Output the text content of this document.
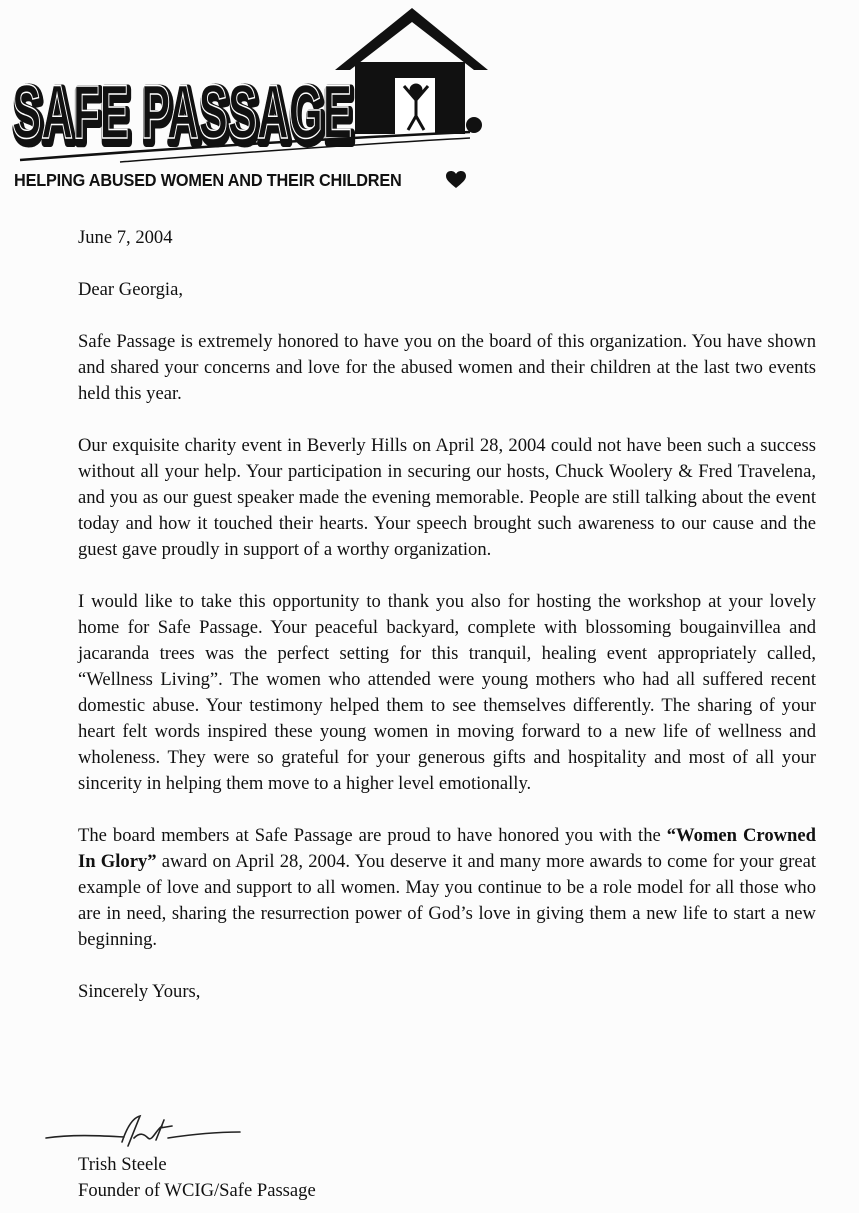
SAFE PASSAGE
SAFE PASSAGE
HELPING ABUSED WOMEN AND THEIR CHILDREN

June 7, 2004

Dear Georgia,

Safe Passage is extremely honored to have you on the board of this organization. You have shown and shared your concerns and love for the abused women and their children at the last two events held this year.

Our exquisite charity event in Beverly Hills on April 28, 2004 could not have been such a success without all your help. Your participation in securing our hosts, Chuck Woolery & Fred Travelena, and you as our guest speaker made the evening memorable. People are still talking about the event today and how it touched their hearts. Your speech brought such awareness to our cause and the guest gave proudly in support of a worthy organization.

I would like to take this opportunity to thank you also for hosting the workshop at your lovely home for Safe Passage. Your peaceful backyard, complete with blossoming bougainvillea and jacaranda trees was the perfect setting for this tranquil, healing event appropriately called, “Wellness Living”. The women who attended were young mothers who had all suffered recent domestic abuse. Your testimony helped them to see themselves differently. The sharing of your heart felt words inspired these young women in moving forward to a new life of wellness and wholeness. They were so grateful for your generous gifts and hospitality and most of all your sincerity in helping them move to a higher level emotionally.

The board members at Safe Passage are proud to have honored you with the “Women Crowned In Glory” award on April 28, 2004. You deserve it and many more awards to come for your great example of love and support to all women. May you continue to be a role model for all those who are in need, sharing the resurrection power of God’s love in giving them a new life to start a new beginning.

Sincerely Yours,

Trish Steele
Founder of WCIG/Safe Passage
